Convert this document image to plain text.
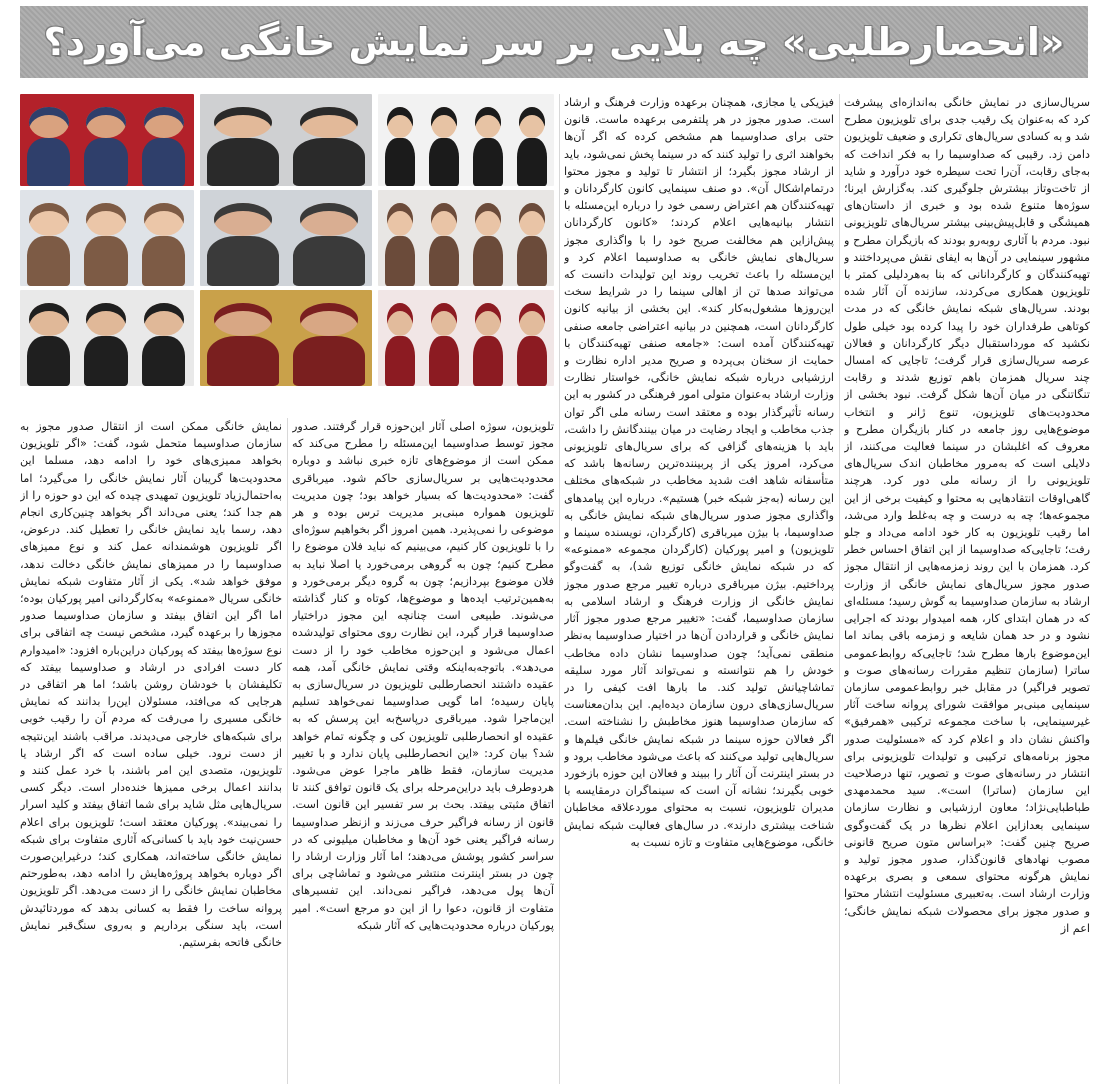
«انحصار‌طلبی» چه بلایی بر سر نمایش خانگی می‌آورد؟
سریال‌سازی در نمایش خانگی به‌اندازه‌ای پیشرفت کرد که به‌عنوان یک رقیب جدی برای تلویزیون مطرح شد و به کسادی سریال‌های تکراری و ضعیف تلویزیون دامن زد. رقیبی که صداوسیما را به فکر انداخت که به‌جای رقابت، آن‌را تحت سیطره خود درآورد و شاید از تاخت‌وتاز بیشترش جلوگیری کند. به‌گزارش ایرنا؛ سوژه‌ها متنوع شده بود و خبری از داستان‌های همیشگی و قابل‌پیش‌بینی بیشتر سریال‌های تلویزیونی نبود. مردم با آثاری روبه‌رو بودند که بازیگران مطرح و مشهور سینمایی در آن‌ها به ایفای نقش می‌پرداختند و تهیه‌کنندگان و کارگردانانی که بنا به‌هردلیلی کمتر با تلویزیون همکاری می‌کردند، سازنده آن آثار شده بودند. سریال‌های شبکه نمایش خانگی که در مدت کوتاهی طرفداران خود را پیدا کرده بود خیلی طول نکشید که مورداستقبال دیگر کارگردانان و فعالان عرصه سریال‌سازی قرار گرفت؛ تاجایی که امسال چند سریال همزمان باهم توزیع شدند و رقابت تنگاتنگی در میان آن‌ها شکل گرفت. نبود بخشی از محدودیت‌های تلویزیون، تنوع ژانر و انتخاب موضوع‌هایی روز جامعه در کنار بازیگران مطرح و معروف که اغلبشان در سینما فعالیت می‌کنند، از دلایلی است که به‌مرور مخاطبان اندک سریال‌های تلویزیونی را از رسانه ملی دور کرد. هرچند گاهی‌اوقات انتقادهایی به محتوا و کیفیت برخی از این مجموعه‌ها؛ چه به درست و چه به‌غلط وارد می‌شد، اما رقیب تلویزیون به کار خود ادامه می‌داد و جلو رفت؛ تاجایی‌که صداوسیما از این اتفاق احساس خطر کرد. همزمان با این روند زمزمه‌هایی از انتقال مجوز صدور مجوز سریال‌های نمایش خانگی از وزارت ارشاد به سازمان صداوسیما به گوش رسید؛ مسئله‌ای که در همان ابتدای کار، همه امیدوار بودند که اجرایی نشود و در حد همان شایعه و زمزمه باقی بماند اما این‌موضوع بارها مطرح شد؛ تاجایی‌که روابط‌عمومی ساترا (سازمان تنظیم مقررات رسانه‌های صوت و تصویر فراگیر) در مقابل خبر روابط‌عمومی سازمان سینمایی مبنی‌بر موافقت شورای پروانه ساخت آثار غیرسینمایی، با ساخت مجموعه ترکیبی «همرفیق» واکنش نشان داد و اعلام کرد که «مسئولیت صدور مجوز برنامه‌های ترکیبی و تولیدات تلویزیونی برای انتشار در رسانه‌های صوت و تصویر، تنها درصلاحیت این سازمان (ساترا) است». سید محمدمهدی طباطبایی‌نژاد؛ معاون ارزشیابی و نظارت سازمان سینمایی بعدازاین اعلام نظرها در یک گفت‌وگوی صریح چنین گفت: «براساس متون صریح قانونی مصوب نهادهای قانون‌گذار، صدور مجوز تولید و نمایش هرگونه محتوای سمعی و بصری برعهده وزارت ارشاد است. به‌تعبیری مسئولیت انتشار محتوا و صدور مجوز برای محصولات شبکه نمایش خانگی؛ اعم از
فیزیکی یا مجازی، همچنان برعهده وزارت فرهنگ و ارشاد است. صدور مجوز در هر پلتفرمی برعهده ماست. قانون حتی برای صداوسیما هم مشخص کرده که اگر آن‌ها بخواهند اثری را تولید کنند که در سینما پخش نمی‌شود، باید از ارشاد مجوز بگیرد؛ از انتشار تا تولید و مجوز محتوا درتمام‌اشکال آن». دو صنف سینمایی کانون کارگردانان و تهیه‌کنندگان هم اعتراض رسمی خود را درباره این‌مسئله با انتشار بیانیه‌هایی اعلام کردند؛ «کانون کارگردانان پیش‌ازاین هم مخالفت صریح خود را با واگذاری مجوز سریال‌های نمایش خانگی به صداوسیما اعلام کرد و این‌مسئله را باعث تخریب روند این تولیدات دانست که می‌تواند صدها تن از اهالی سینما را در شرایط سخت این‌روزها مشغول‌به‌کار کند». این بخشی از بیانیه کانون کارگردانان است، همچنین در بیانیه اعتراضی جامعه صنفی تهیه‌کنندگان آمده است: «جامعه صنفی تهیه‌کنندگان با حمایت از سخنان بی‌پرده و صریح مدیر اداره نظارت و ارزشیابی درباره شبکه نمایش خانگی، خواستار نظارت وزارت ارشاد به‌عنوان متولی امور فرهنگی در کشور به این رسانه تأثیرگذار بوده و معتقد است رسانه ملی اگر توان جذب مخاطب و ایجاد رضایت در میان بینندگانش را داشت، باید با هزینه‌های گزافی که برای سریال‌های تلویزیونی می‌کرد، امروز یکی از پربیننده‌ترین رسانه‌ها باشد که متأسفانه شاهد افت شدید مخاطب در شبکه‌های مختلف این رسانه (به‌جز شبکه خبر) هستیم». درباره این پیامدهای واگذاری مجوز صدور سریال‌های شبکه نمایش خانگی به صداوسیما، با بیژن میرباقری (کارگردان، نویسنده سینما و تلویزیون) و امیر پورکیان (کارگردان مجموعه «ممنوعه» که در شبکه نمایش خانگی توزیع شد)، به گفت‌وگو پرداختیم. بیژن میرباقری درباره تغییر مرجع صدور مجوز نمایش خانگی از وزارت فرهنگ و ارشاد اسلامی به سازمان صداوسیما، گفت: «تغییر مرجع صدور مجوز آثار نمایش خانگی و قراردادن آن‌ها در اختیار صداوسیما به‌نظر منطقی نمی‌آید؛ چون صداوسیما نشان داده مخاطب خودش را هم نتوانسته و نمی‌تواند آثار مورد سلیقه تماشاچیانش تولید کند. ما بارها افت کیفی را در سریال‌سازی‌های درون سازمان دیده‌ایم. این بدان‌معناست که سازمان صداوسیما هنوز مخاطبش را نشناخته است. اگر فعالان حوزه سینما در شبکه نمایش خانگی فیلم‌ها و سریال‌هایی تولید می‌کنند که باعث می‌شود مخاطب برود و در بستر اینترنت آن آثار را ببیند و فعالان این حوزه بازخورد خوبی بگیرند؛ نشانه آن است که سینماگران درمقایسه با مدیران تلویزیون، نسبت به محتوای موردعلاقه مخاطبان شناخت بیشتری دارند». در سال‌های فعالیت شبکه نمایش خانگی، موضوع‌هایی متفاوت و تازه نسبت به
تلویزیون، سوژه اصلی آثار این‌حوزه قرار گرفتند. صدور مجوز توسط صداوسیما این‌مسئله را مطرح می‌کند که ممکن است از موضوع‌های تازه خبری نباشد و دوباره محدودیت‌هایی بر سریال‌سازی حاکم شود. میرباقری گفت: «محدودیت‌ها که بسیار خواهد بود؛ چون مدیریت تلویزیون همواره مبنی‌بر مدیریت ترس بوده و هر موضوعی را نمی‌پذیرد. همین امروز اگر بخواهیم سوژه‌ای را با تلویزیون کار کنیم، می‌بینیم که نباید فلان موضوع را مطرح کنیم؛ چون به گروهی برمی‌خورد یا اصلا نباید به فلان موضوع بپردازیم؛ چون به گروه دیگر برمی‌خورد و به‌همین‌ترتیب ایده‌ها و موضوع‌ها، کوتاه و کنار گذاشته می‌شوند. طبیعی است چنانچه این مجوز دراختیار صداوسیما قرار گیرد، این نظارت روی محتوای تولیدشده اعمال می‌شود و این‌حوزه مخاطب خود را از دست می‌دهد». باتوجه‌به‌اینکه وقتی نمایش خانگی آمد، همه عقیده داشتند انحصارطلبی تلویزیون در سریال‌سازی به پایان رسیده؛ اما گویی صداوسیما نمی‌خواهد تسلیم این‌ماجرا شود. میرباقری درپاسخ‌به این پرسش که به عقیده او انحصارطلبی تلویزیون کی و چگونه تمام خواهد شد؟ بیان کرد: «این انحصارطلبی پایان ندارد و با تغییر مدیریت سازمان، فقط ظاهر ماجرا عوض می‌شود. هردوطرف باید دراین‌مرحله برای یک قانون توافق کنند تا اتفاق مثبتی بیفتد. بحث بر سر تفسیر این قانون است. قانون از رسانه فراگیر حرف می‌زند و ازنظر صداوسیما رسانه فراگیر یعنی خود آن‌ها و مخاطبان میلیونی که در سراسر کشور پوشش می‌دهند؛ اما آثار وزارت ارشاد را چون در بستر اینترنت منتشر می‌شود و تماشاچی برای آن‌ها پول می‌دهد، فراگیر نمی‌داند. این تفسیرهای متفاوت از قانون، دعوا را از این دو مرجع است». امیر پورکیان درباره محدودیت‌هایی که آثار شبکه
نمایش خانگی ممکن است از انتقال صدور مجوز به سازمان صداوسیما متحمل شود، گفت: «اگر تلویزیون بخواهد ممیزی‌های خود را ادامه دهد، مسلما این محدودیت‌ها گریبان آثار نمایش خانگی را می‌گیرد؛ اما به‌احتمال‌زیاد تلویزیون تمهیدی چیده که این دو حوزه را از هم جدا کند؛ یعنی می‌داند اگر بخواهد چنین‌کاری انجام دهد، رسما باید نمایش خانگی را تعطیل کند. درعوض، اگر تلویزیون هوشمندانه عمل کند و نوع ممیزهای صداوسیما را در ممیزهای نمایش خانگی دخالت ندهد، موفق خواهد شد». یکی از آثار متفاوت شبکه نمایش خانگی سریال «ممنوعه» به‌کارگردانی امیر پورکیان بوده؛ اما اگر این اتفاق بیفتد و سازمان صداوسیما صدور مجوزها را برعهده گیرد، مشخص نیست چه اتفاقی برای نوع سوژه‌ها بیفتد که پورکیان دراین‌باره افزود: «امیدوارم کار دست افرادی در ارشاد و صداوسیما بیفتد که تکلیفشان با خودشان روشن باشد؛ اما هر اتفاقی در هرجایی که می‌افتد، مسئولان این‌را بدانند که نمایش خانگی مسیری را می‌رفت که مردم آن را رقیب خوبی برای شبکه‌های خارجی می‌دیدند. مراقب باشند این‌نتیجه از دست نرود. خیلی ساده است که اگر ارشاد یا تلویزیون، متصدی این امر باشند، با خرد عمل کنند و بدانند اعمال برخی ممیزها خنده‌دار است. دیگر کسی سریال‌هایی مثل شاید برای شما اتفاق بیفتد و کلید اسرار را نمی‌بیند». پورکیان معتقد است؛ تلویزیون برای اعلام حسن‌نیت خود باید با کسانی‌که آثاری متفاوت برای شبکه نمایش خانگی ساخته‌اند، همکاری کند؛ درغیراین‌صورت اگر دوباره بخواهد پروژه‌هایش را ادامه دهد، به‌طورحتم مخاطبان نمایش خانگی را از دست می‌دهد. اگر تلویزیون پروانه ساخت را فقط به کسانی بدهد که موردتائیدش است، باید سنگی برداریم و به‌روی سنگ‌قبر نمایش خانگی فاتحه بفرستیم.
